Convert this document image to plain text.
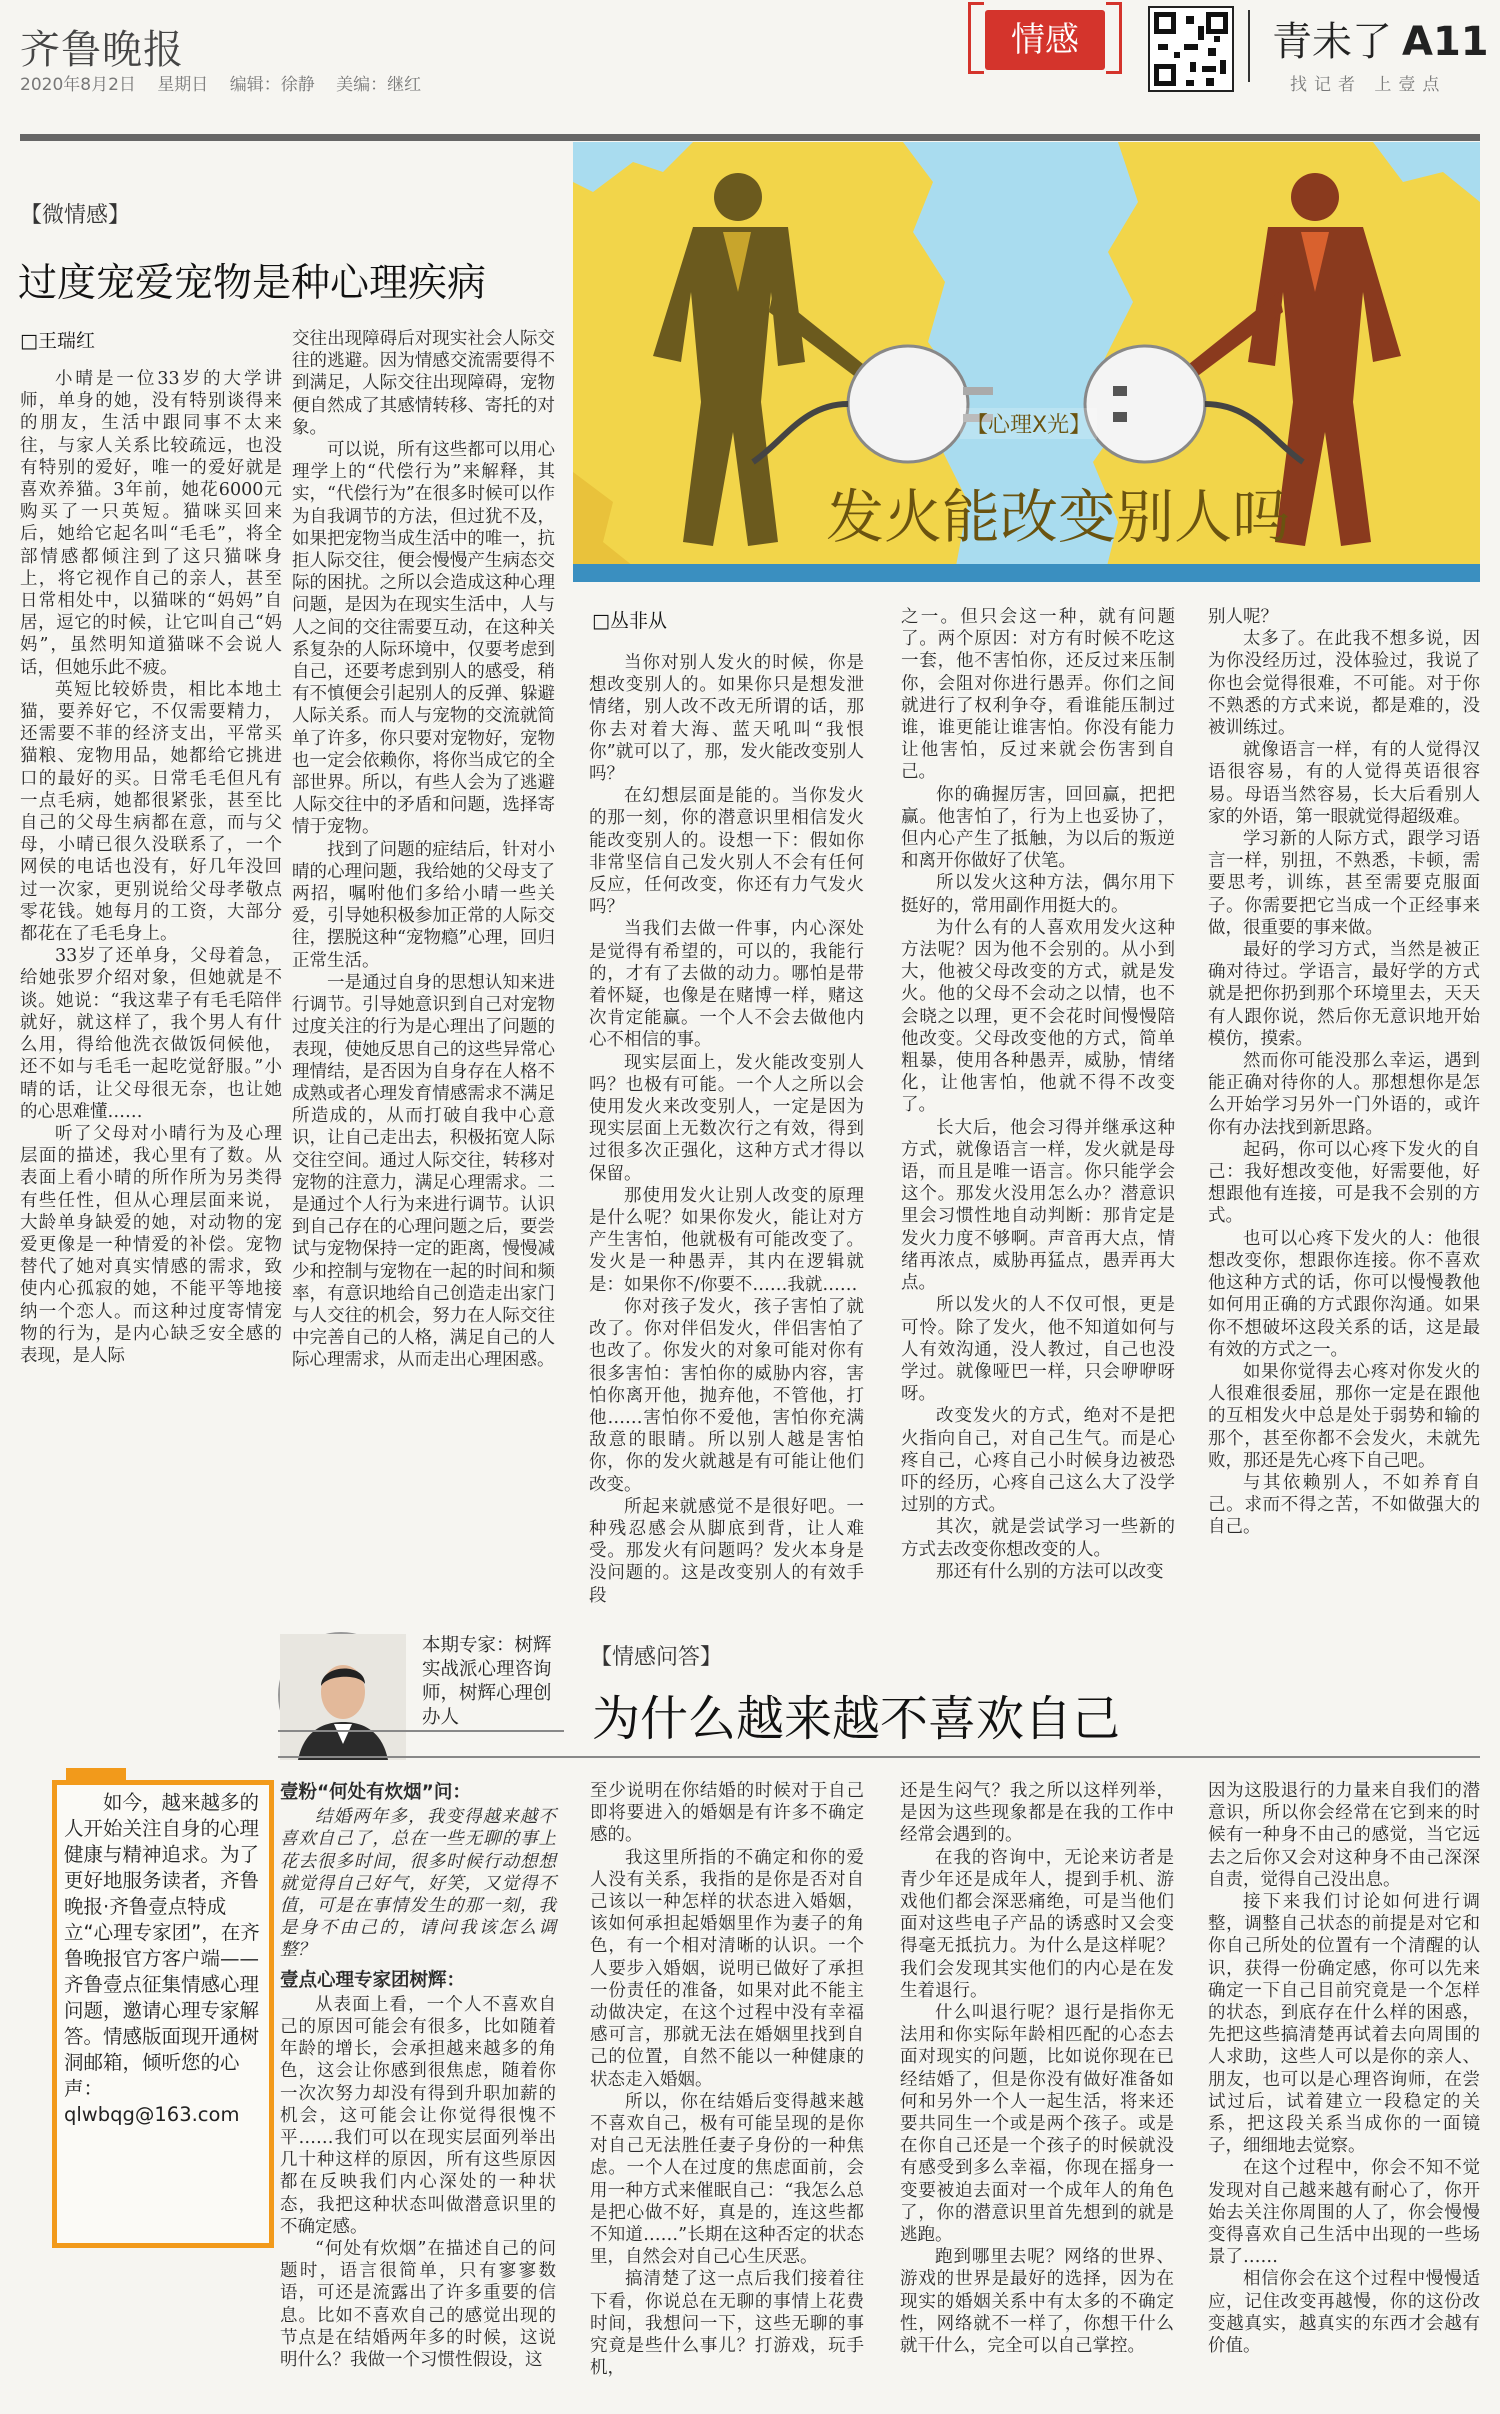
齐鲁晚报
2020年8月2日 星期日 编辑：徐静 美编：继红
情感	青未了 A11
找记者 上壹点
【微情感】
过度宠爱宠物是种心理疾病
□王瑞红

小晴是一位33岁的大学讲师，单身的她，没有特别谈得来的朋友，生活中跟同事不太来往，与家人关系比较疏远，也没有特别的爱好，唯一的爱好就是喜欢养猫。3年前，她花6000元购买了一只英短。猫咪买回来后，她给它起名叫“毛毛”，将全部情感都倾注到了这只猫咪身上，将它视作自己的亲人，甚至日常相处中，以猫咪的“妈妈”自居，逗它的时候，让它叫自己“妈妈”，虽然明知道猫咪不会说人话，但她乐此不疲。

英短比较娇贵，相比本地土猫，要养好它，不仅需要精力，还需要不菲的经济支出，平常买猫粮、宠物用品，她都给它挑进口的最好的买。日常毛毛但凡有一点毛病，她都很紧张，甚至比自己的父母生病都在意，而与父母，小晴已很久没联系了，一个网侯的电话也没有，好几年没回过一次家，更别说给父母孝敬点零花钱。她每月的工资，大部分都花在了毛毛身上。

33岁了还单身，父母着急，给她张罗介绍对象，但她就是不谈。她说：“我这辈子有毛毛陪伴就好，就这样了，我个男人有什么用，得给他洗衣做饭伺候他，还不如与毛毛一起吃觉舒服。”小晴的话，让父母很无奈，也让她的心思难懂……

听了父母对小晴行为及心理层面的描述，我心里有了数。从表面上看小晴的所作所为另类得有些任性，但从心理层面来说，大龄单身缺爱的她，对动物的宠爱更像是一种情爱的补偿。宠物替代了她对真实情感的需求，致使内心孤寂的她，不能平等地接纳一个恋人。而这种过度寄情宠物的行为，是内心缺乏安全感的表现，是人际

交往出现障碍后对现实社会人际交往的逃避。因为情感交流需要得不到满足，人际交往出现障碍，宠物便自然成了其感情转移、寄托的对象。

可以说，所有这些都可以用心理学上的“代偿行为”来解释，其实，“代偿行为”在很多时候可以作为自我调节的方法，但过犹不及，如果把宠物当成生活中的唯一，抗拒人际交往，便会慢慢产生病态交际的困扰。之所以会造成这种心理问题，是因为在现实生活中，人与人之间的交往需要互动，在这种关系复杂的人际环境中，仅要考虑到自己，还要考虑到别人的感受，稍有不慎便会引起别人的反弹、躲避人际关系。而人与宠物的交流就简单了许多，你只要对宠物好，宠物也一定会依赖你，将你当成它的全部世界。所以，有些人会为了逃避人际交往中的矛盾和问题，选择寄情于宠物。

找到了问题的症结后，针对小晴的心理问题，我给她的父母支了两招，嘱咐他们多给小晴一些关爱，引导她积极参加正常的人际交往，摆脱这种“宠物瘾”心理，回归正常生活。

一是通过自身的思想认知来进行调节。引导她意识到自己对宠物过度关注的行为是心理出了问题的表现，使她反思自己的这些异常心理情结，是否因为自身存在人格不成熟或者心理发育情感需求不满足所造成的，从而打破自我中心意识，让自己走出去，积极拓宽人际交往空间。通过人际交往，转移对宠物的注意力，满足心理需求。二是通过个人行为来进行调节。认识到自己存在的心理问题之后，要尝试与宠物保持一定的距离，慢慢减少和控制与宠物在一起的时间和频率，有意识地给自己创造走出家门与人交往的机会，努力在人际交往中完善自己的人格，满足自己的人际心理需求，从而走出心理困惑。

【心理X光】
发火能改变别人吗
□丛非从

当你对别人发火的时候，你是想改变别人的。如果你只是想发泄情绪，别人改不改无所谓的话，那你去对着大海、蓝天吼叫“我恨你”就可以了，那，发火能改变别人吗？

在幻想层面是能的。当你发火的那一刻，你的潜意识里相信发火能改变别人的。设想一下：假如你非常坚信自己发火别人不会有任何反应，任何改变，你还有力气发火吗？

当我们去做一件事，内心深处是觉得有希望的，可以的，我能行的，才有了去做的动力。哪怕是带着怀疑，也像是在赌博一样，赌这次肯定能赢。一个人不会去做他内心不相信的事。

现实层面上，发火能改变别人吗？也极有可能。一个人之所以会使用发火来改变别人，一定是因为现实层面上无数次行之有效，得到过很多次正强化，这种方式才得以保留。

那使用发火让别人改变的原理是什么呢？如果你发火，能让对方产生害怕，他就极有可能改变了。发火是一种愚弄，其内在逻辑就是：如果你不/你要不……我就……

你对孩子发火，孩子害怕了就改了。你对伴侣发火，伴侣害怕了也改了。你发火的对象可能对你有很多害怕：害怕你的威胁内容，害怕你离开他，抛弃他，不管他，打他……害怕你不爱他，害怕你充满敌意的眼睛。所以别人越是害怕你，你的发火就越是有可能让他们改变。

所起来就感觉不是很好吧。一种残忍感会从脚底到背，让人难受。那发火有问题吗？发火本身是没问题的。这是改变别人的有效手段

之一。但只会这一种，就有问题了。两个原因：对方有时候不吃这一套，他不害怕你，还反过来压制你，会阻对你进行愚弄。你们之间就进行了权利争夺，看谁能压制过谁，谁更能让谁害怕。你没有能力让他害怕，反过来就会伤害到自己。

你的确握厉害，回回赢，把把赢。他害怕了，行为上也妥协了，但内心产生了抵触，为以后的叛逆和离开你做好了伏笔。

所以发火这种方法，偶尔用下挺好的，常用副作用挺大的。

为什么有的人喜欢用发火这种方法呢？因为他不会别的。从小到大，他被父母改变的方式，就是发火。他的父母不会动之以情，也不会晓之以理，更不会花时间慢慢陪他改变。父母改变他的方式，简单粗暴，使用各种愚弄，威胁，情绪化，让他害怕，他就不得不改变了。

长大后，他会习得并继承这种方式，就像语言一样，发火就是母语，而且是唯一语言。你只能学会这个。那发火没用怎么办？潜意识里会习惯性地自动判断：那肯定是发火力度不够啊。声音再大点，情绪再浓点，威胁再猛点，愚弄再大点。

所以发火的人不仅可恨，更是可怜。除了发火，他不知道如何与人有效沟通，没人教过，自己也没学过。就像哑巴一样，只会咿咿呀呀。

改变发火的方式，绝对不是把火指向自己，对自己生气。而是心疼自己，心疼自己小时候身边被恐吓的经历，心疼自己这么大了没学过别的方式。

其次，就是尝试学习一些新的方式去改变你想改变的人。

那还有什么别的方法可以改变

别人呢？

太多了。在此我不想多说，因为你没经历过，没体验过，我说了你也会觉得很难，不可能。对于你不熟悉的方式来说，都是难的，没被训练过。

就像语言一样，有的人觉得汉语很容易，有的人觉得英语很容易。母语当然容易，长大后看别人家的外语，第一眼就觉得超级难。

学习新的人际方式，跟学习语言一样，别扭，不熟悉，卡顿，需要思考，训练，甚至需要克服面子。你需要把它当成一个正经事来做，很重要的事来做。

最好的学习方式，当然是被正确对待过。学语言，最好学的方式就是把你扔到那个环境里去，天天有人跟你说，然后你无意识地开始模仿，摸索。

然而你可能没那么幸运，遇到能正确对待你的人。那想想你是怎么开始学习另外一门外语的，或许你有办法找到新思路。

起码，你可以心疼下发火的自己：我好想改变他，好需要他，好想跟他有连接，可是我不会别的方式。

也可以心疼下发火的人：他很想改变你，想跟你连接。你不喜欢他这种方式的话，你可以慢慢教他如何用正确的方式跟你沟通。如果你不想破坏这段关系的话，这是最有效的方式之一。

如果你觉得去心疼对你发火的人很难很委屈，那你一定是在跟他的互相发火中总是处于弱势和输的那个，甚至你都不会发火，未就先败，那还是先心疼下自己吧。

与其依赖别人，不如养育自己。求而不得之苦，不如做强大的自己。

本期专家：树辉 实战派心理咨询师，树辉心理创办人
【情感问答】
为什么越来越不喜欢自己

如今，越来越多的人开始关注自身的心理健康与精神追求。为了更好地服务读者，齐鲁晚报·齐鲁壹点特成立“心理专家团”，在齐鲁晚报官方客户端——齐鲁壹点征集情感心理问题，邀请心理专家解答。情感版面现开通树洞邮箱，倾听您的心声：qlwbqg@163.com

壹粉“何处有炊烟”问：

结婚两年多，我变得越来越不喜欢自己了，总在一些无聊的事上花去很多时间，很多时候行动想想就觉得自己好气，好笑，又觉得不值，可是在事情发生的那一刻，我是身不由己的，请问我该怎么调整？

壹点心理专家团树辉：

从表面上看，一个人不喜欢自己的原因可能会有很多，比如随着年龄的增长，会承担越来越多的角色，这会让你感到很焦虑，随着你一次次努力却没有得到升职加薪的机会，这可能会让你觉得很愧不平……我们可以在现实层面列举出几十种这样的原因，所有这些原因都在反映我们内心深处的一种状态，我把这种状态叫做潜意识里的不确定感。

“何处有炊烟”在描述自己的问题时，语言很简单，只有寥寥数语，可还是流露出了许多重要的信息。比如不喜欢自己的感觉出现的节点是在结婚两年多的时候，这说明什么？我做一个习惯性假设，这

至少说明在你结婚的时候对于自己即将要进入的婚姻是有许多不确定感的。

我这里所指的不确定和你的爱人没有关系，我指的是你是否对自己该以一种怎样的状态进入婚姻，该如何承担起婚姻里作为妻子的角色，有一个相对清晰的认识。一个人要步入婚姻，说明已做好了承担一份责任的准备，如果对此不能主动做决定，在这个过程中没有幸福感可言，那就无法在婚姻里找到自己的位置，自然不能以一种健康的状态走入婚姻。

所以，你在结婚后变得越来越不喜欢自己，极有可能呈现的是你对自己无法胜任妻子身份的一种焦虑。一个人在过度的焦虑面前，会用一种方式来催眠自己：“我怎么总是把心做不好，真是的，连这些都不知道……”长期在这种否定的状态里，自然会对自己心生厌恶。

搞清楚了这一点后我们接着往下看，你说总在无聊的事情上花费时间，我想问一下，这些无聊的事究竟是些什么事儿？打游戏，玩手机，

还是生闷气？我之所以这样列举，是因为这些现象都是在我的工作中经常会遇到的。

在我的咨询中，无论来访者是青少年还是成年人，提到手机、游戏他们都会深恶痛绝，可是当他们面对这些电子产品的诱惑时又会变得毫无抵抗力。为什么是这样呢？我们会发现其实他们的内心是在发生着退行。

什么叫退行呢？退行是指你无法用和你实际年龄相匹配的心态去面对现实的问题，比如说你现在已经结婚了，但是你没有做好准备如何和另外一个人一起生活，将来还要共同生一个或是两个孩子。或是在你自己还是一个孩子的时候就没有感受到多么幸福，你现在摇身一变要被迫去面对一个成年人的角色了，你的潜意识里首先想到的就是逃跑。

跑到哪里去呢？网络的世界、游戏的世界是最好的选择，因为在现实的婚姻关系中有太多的不确定性，网络就不一样了，你想干什么就干什么，完全可以自己掌控。

因为这股退行的力量来自我们的潜意识，所以你会经常在它到来的时候有一种身不由己的感觉，当它远去之后你又会对这种身不由己深深自责，觉得自己没出息。

接下来我们讨论如何进行调整，调整自己状态的前提是对它和你自己所处的位置有一个清醒的认识，获得一份确定感，你可以先来确定一下自己目前究竟是一个怎样的状态，到底存在什么样的困惑，先把这些搞清楚再试着去向周围的人求助，这些人可以是你的亲人、朋友，也可以是心理咨询师，在尝试过后，试着建立一段稳定的关系，把这段关系当成你的一面镜子，细细地去觉察。

在这个过程中，你会不知不觉发现对自己越来越有耐心了，你开始去关注你周围的人了，你会慢慢变得喜欢自己生活中出现的一些场景了……

相信你会在这个过程中慢慢适应，记住改变再越慢，你的这份改变越真实，越真实的东西才会越有价值。
